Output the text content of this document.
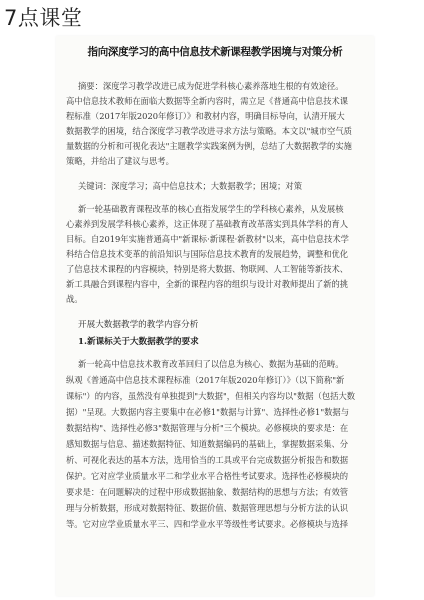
7点课堂
指向深度学习的高中信息技术新课程教学困境与对策分析
摘要：深度学习教学改进已成为促进学科核心素养落地生根的有效途径。
高中信息技术教师在面临大数据等全新内容时，需立足《普通高中信息技术课
程标准（2017年版2020年修订）》和教材内容，明确目标导向，认清开展大
数据教学的困境，结合深度学习教学改进寻求方法与策略。本文以"城市空气质
量数据的分析和可视化表达"主题教学实践案例为例，总结了大数据教学的实施
策略，并给出了建议与思考。
关键词：深度学习；高中信息技术；大数据教学；困境；对策
新一轮基础教育课程改革的核心直指发展学生的学科核心素养，从发展核
心素养到发展学科核心素养，这正体现了基础教育改革落实到具体学科的育人
目标。自2019年实施普通高中"新课标·新课程·新教材"以来，高中信息技术学
科结合信息技术变革的前沿知识与国际信息技术教育的发展趋势，调整和优化
了信息技术课程的内容模块，特别是将大数据、物联网、人工智能等新技术、
新工具融合到课程内容中，全新的课程内容的组织与设计对教师提出了新的挑
战。
开展大数据教学的教学内容分析
1.新课标关于大数据教学的要求
新一轮高中信息技术教育改革回归了以信息为核心、数据为基础的范畴。
纵观《普通高中信息技术课程标准（2017年版2020年修订）》（以下简称"新
课标"）的内容，虽然没有单独提到"大数据"，但相关内容均以"数据（包括大数
据）"呈现。大数据内容主要集中在必修1"数据与计算"、选择性必修1"数据与
数据结构"、选择性必修3"数据管理与分析"三个模块。必修模块的要求是：在
感知数据与信息、描述数据特征、知道数据编码的基础上，掌握数据采集、分
析、可视化表达的基本方法，选用恰当的工具或平台完成数据分析报告和数据
保护。它对应学业质量水平二和学业水平合格性考试要求。选择性必修模块的
要求是：在问题解决的过程中形成数据抽象、数据结构的思想与方法；有效管
理与分析数据，形成对数据特征、数据价值、数据管理思想与分析方法的认识
等。它对应学业质量水平三、四和学业水平等级性考试要求。必修模块与选择
